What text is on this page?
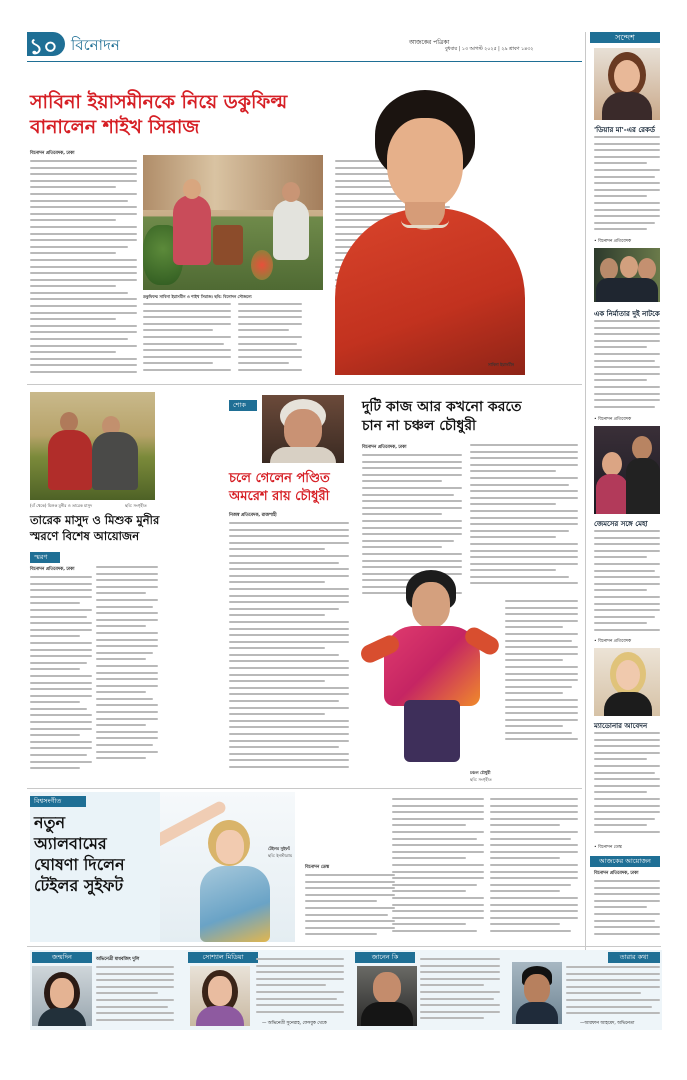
১০ বিনোদন	আজকের পত্রিকা
বুধবার | ১৩ আগস্ট ২০২৫ | ২৯ শ্রাবণ ১৪৩২
সাবিনা ইয়াসমীনকে নিয়ে ডকুফিল্ম
বানালেন শাইখ সিরাজ
বিনোদন প্রতিবেদক, ঢাকা
ডকুফিল্মে সাবিনা ইয়াসমীন ও শাইখ সিরাজ। ছবি: বিনোদন সৌজন্যে
সাবিনা ইয়াসমীন
সন্দেশ
'ডিয়ার মা'-এর রেকর্ড
• বিনোদন প্রতিবেদক
এক নির্মাতার দুই নাটকে
• বিনোদন প্রতিবেদক
জেমসের সঙ্গে মেহা
• বিনোদন প্রতিবেদক
ম্যাডোনার আবেদন
• বিনোদন ডেস্ক
আজকের আয়োজন
বিনোদন প্রতিবেদক, ঢাকা
(বাঁ থেকে) মিশুক মুনীর ও তারেক মাসুদ	ছবি: সংগৃহীত
তারেক মাসুদ ও মিশুক মুনীর
স্মরণে বিশেষ আয়োজন
স্মরণ
বিনোদন প্রতিবেদক, ঢাকা
শোক
চলে গেলেন পণ্ডিত
অমরেশ রায় চৌধুরী
নিজস্ব প্রতিবেদক, রাজশাহী
দুটি কাজ আর কখনো করতে
চান না চঞ্চল চৌধুরী
বিনোদন প্রতিবেদক, ঢাকা
চঞ্চল চৌধুরী
ছবি: সংগৃহীত
বিশ্বসংগীত
নতুন
অ্যালবামের
ঘোষণা দিলেন
টেইলর সুইফট
টেইলর সুইফট
ছবি: ইনস্টাগ্রাম
বিনোদন ডেস্ক
জন্মদিন	অভিনেত্রী মাধবজিৎ দুলি	সোশ্যাল মিডিয়া
— অভিনেত্রী সুনেরাহ, ফেসবুক থেকে
জানেন কি	তারার কথা
—আরফান আহমেদ, অভিনেতা
